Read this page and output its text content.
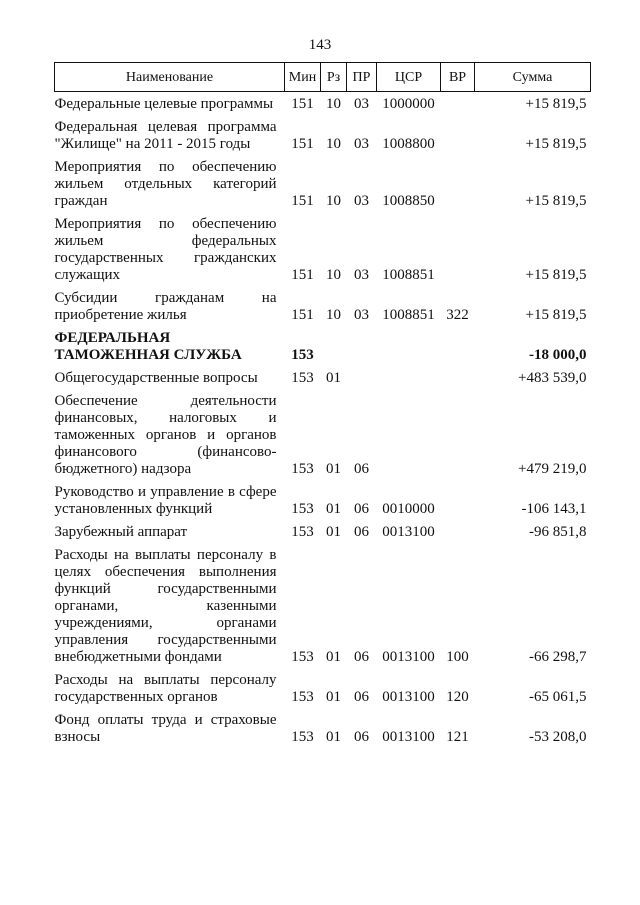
143
Наименование	Мин	Рз	ПР	ЦСР	ВР	Сумма
Федеральные целевые программы	151	10	03	1000000		+15 819,5
Федеральная целевая программа "Жилище" на 2011 - 2015 годы	151	10	03	1008800		+15 819,5
Мероприятия по обеспечению жильем отдельных категорий граждан	151	10	03	1008850		+15 819,5
Мероприятия по обеспечению жильем федеральных государственных гражданских служащих	151	10	03	1008851		+15 819,5
Субсидии гражданам на приобретение жилья	151	10	03	1008851	322	+15 819,5
ФЕДЕРАЛЬНАЯ ТАМОЖЕННАЯ СЛУЖБА	153					-18 000,0
Общегосударственные вопросы	153	01				+483 539,0
Обеспечение деятельности финансовых, налоговых и таможенных органов и органов финансового (финансово-бюджетного) надзора	153	01	06			+479 219,0
Руководство и управление в сфере установленных функций	153	01	06	0010000		-106 143,1
Зарубежный аппарат	153	01	06	0013100		-96 851,8
Расходы на выплаты персоналу в целях обеспечения выполнения функций государственными органами, казенными учреждениями, органами управления государственными внебюджетными фондами	153	01	06	0013100	100	-66 298,7
Расходы на выплаты персоналу государственных органов	153	01	06	0013100	120	-65 061,5
Фонд оплаты труда и страховые взносы	153	01	06	0013100	121	-53 208,0
